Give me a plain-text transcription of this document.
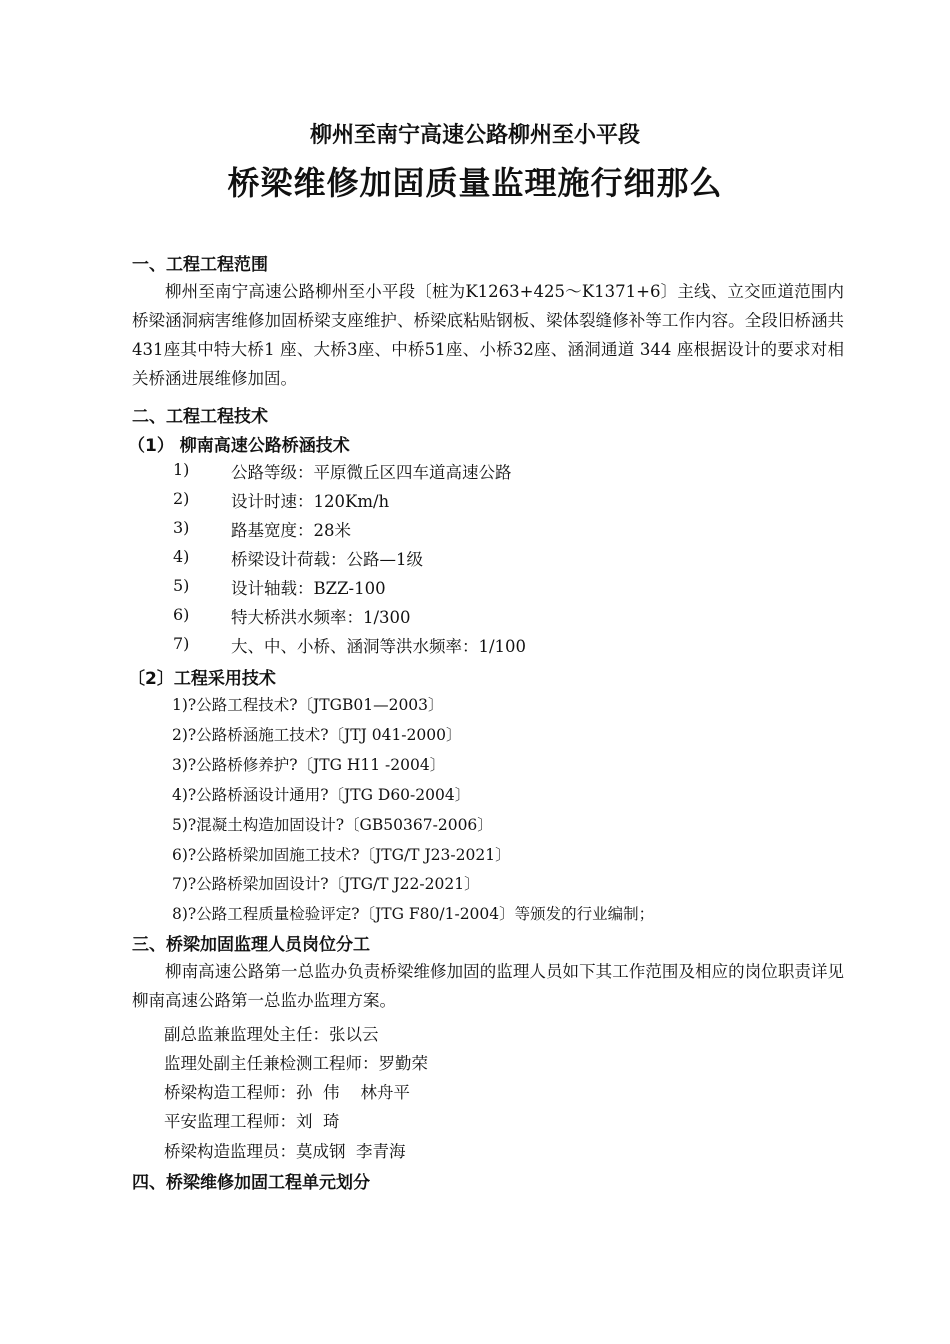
柳州至南宁高速公路柳州至小平段
桥梁维修加固质量监理施行细那么
一、工程工程范围
柳州至南宁高速公路柳州至小平段〔桩为K1263+425～K1371+6〕主线、立交匝道范围内桥梁涵洞病害维修加固桥梁支座维护、桥梁底粘贴钢板、梁体裂缝修补等工作内容。全段旧桥涵共431座其中特大桥1 座、大桥3座、中桥51座、小桥32座、涵洞通道 344 座根据设计的要求对相关桥涵进展维修加固。
二、工程工程技术
（1） 柳南高速公路桥涵技术
1)	公路等级：平原微丘区四车道高速公路
2)	设计时速：120Km/h
3)	路基宽度：28米
4)	桥梁设计荷载：公路—1级
5)	设计轴载：BZZ-100
6)	特大桥洪水频率：1/300
7)	大、中、小桥、涵洞等洪水频率：1/100
〔2〕工程采用技术
1)?公路工程技术?〔JTGB01—2003〕
2)?公路桥涵施工技术?〔JTJ 041-2000〕
3)?公路桥修养护?〔JTG H11 -2004〕
4)?公路桥涵设计通用?〔JTG D60-2004〕
5)?混凝土构造加固设计?〔GB50367-2006〕
6)?公路桥梁加固施工技术?〔JTG/T J23-2021〕
7)?公路桥梁加固设计?〔JTG/T J22-2021〕
8)?公路工程质量检验评定?〔JTG F80/1-2004〕等颁发的行业编制；
三、桥梁加固监理人员岗位分工
柳南高速公路第一总监办负责桥梁维修加固的监理人员如下其工作范围及相应的岗位职责详见柳南高速公路第一总监办监理方案。
副总监兼监理处主任：张以云
监理处副主任兼检测工程师：罗勤荣
桥梁构造工程师：孙  伟    林舟平
平安监理工程师：刘  琦
桥梁构造监理员：莫成钢  李青海
四、桥梁维修加固工程单元划分
